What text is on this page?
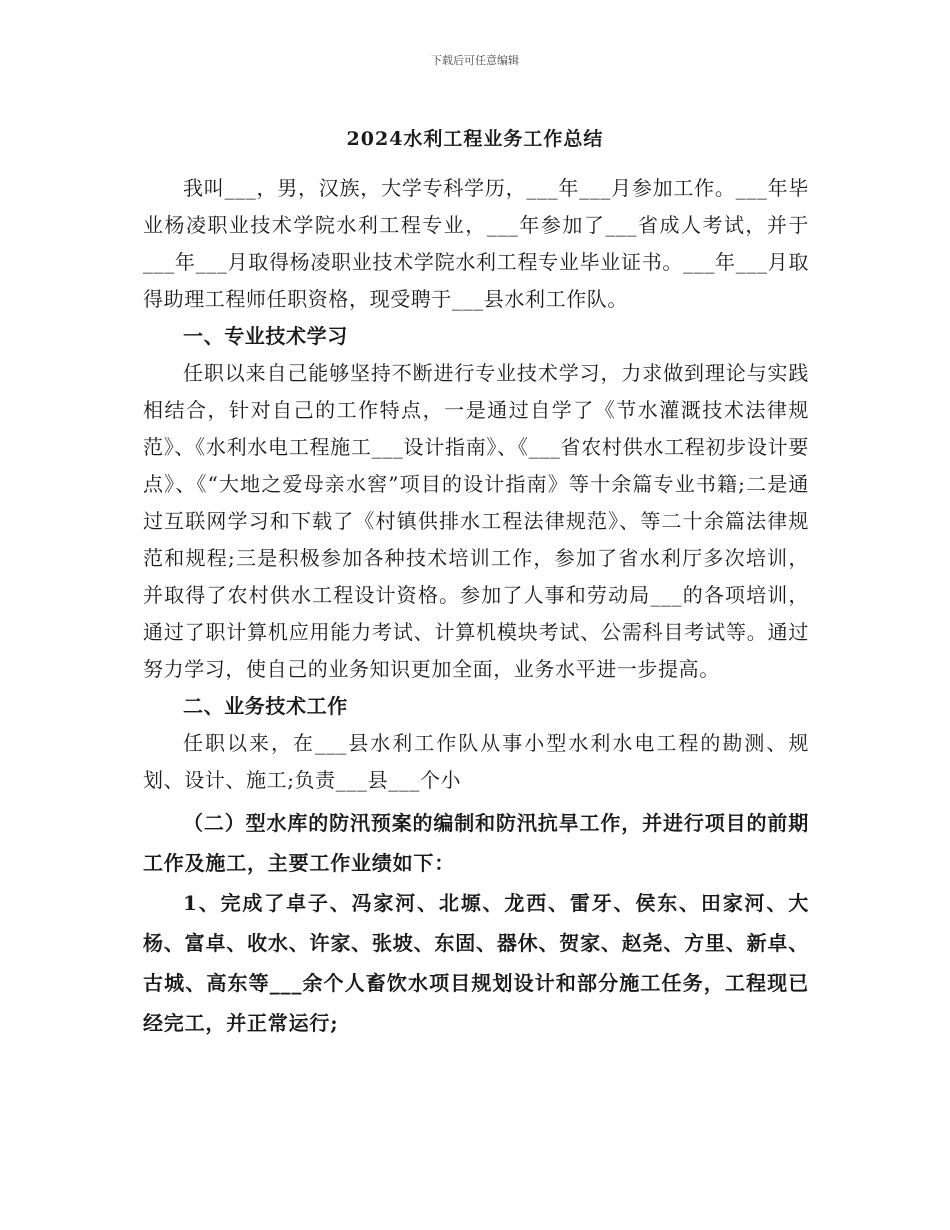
下载后可任意编辑
2024水利工程业务工作总结

我叫___，男，汉族，大学专科学历，___年___月参加工作。___年毕业杨凌职业技术学院水利工程专业，___年参加了___省成人考试，并于___年___月取得杨凌职业技术学院水利工程专业毕业证书。___年___月取得助理工程师任职资格，现受聘于___县水利工作队。

一、专业技术学习

任职以来自己能够坚持不断进行专业技术学习，力求做到理论与实践相结合，针对自己的工作特点，一是通过自学了《节水灌溉技术法律规范》、《水利水电工程施工___设计指南》、《___省农村供水工程初步设计要点》、《“大地之爱母亲水窖”项目的设计指南》等十余篇专业书籍;二是通过互联网学习和下载了《村镇供排水工程法律规范》、等二十余篇法律规范和规程;三是积极参加各种技术培训工作，参加了省水利厅多次培训，并取得了农村供水工程设计资格。参加了人事和劳动局___的各项培训，通过了职计算机应用能力考试、计算机模块考试、公需科目考试等。通过努力学习，使自己的业务知识更加全面，业务水平进一步提高。

二、业务技术工作

任职以来，在___县水利工作队从事小型水利水电工程的勘测、规划、设计、施工;负责___县___个小

（二）型水库的防汛预案的编制和防汛抗旱工作，并进行项目的前期工作及施工，主要工作业绩如下：

1、完成了卓子、冯家河、北塬、龙西、雷牙、侯东、田家河、大杨、富卓、收水、许家、张坡、东固、器休、贺家、赵尧、方里、新卓、古城、高东等___余个人畜饮水项目规划设计和部分施工任务，工程现已经完工，并正常运行;
